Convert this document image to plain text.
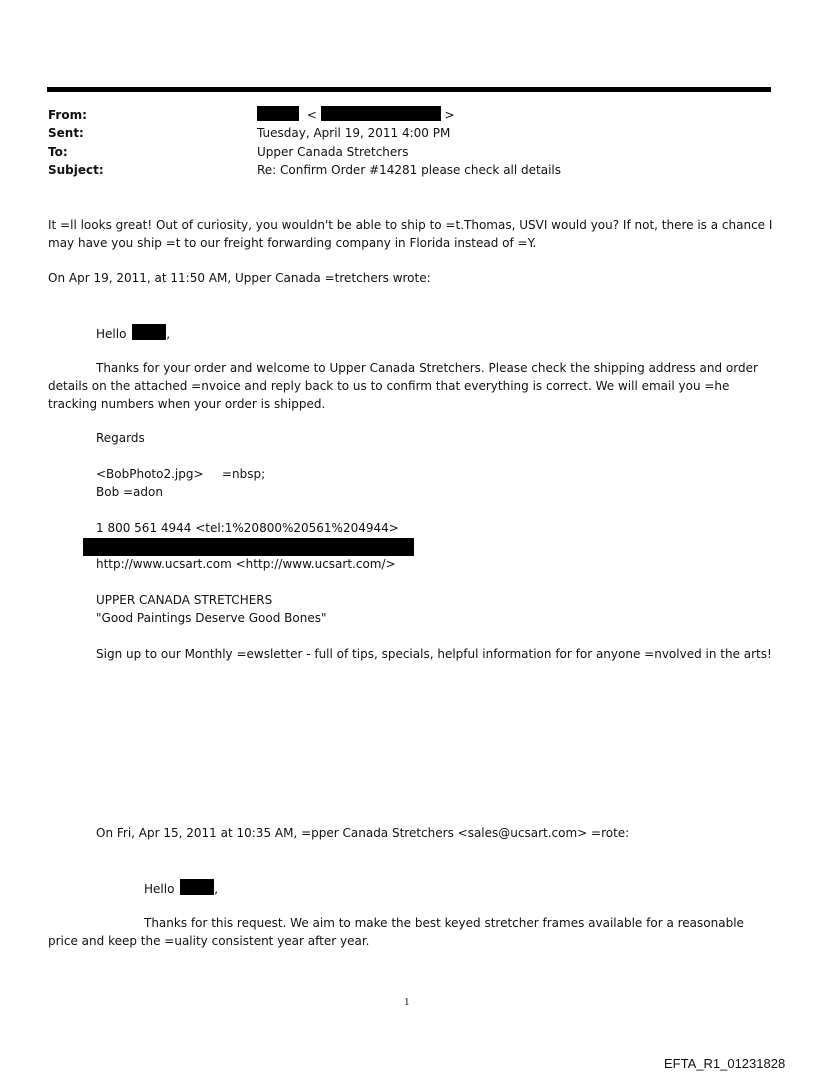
From:	<	>
Sent:	Tuesday, April 19, 2011 4:00 PM
To:	Upper Canada Stretchers
Subject:	Re: Confirm Order #14281 please check all details
It =ll looks great! Out of curiosity, you wouldn't be able to ship to =t.Thomas, USVI would you? If not, there is a chance I may have you ship =t to our freight forwarding company in Florida instead of =Y.
On Apr 19, 2011, at 11:50 AM, Upper Canada =tretchers wrote:
Hello	,
Thanks for your order and welcome to Upper Canada Stretchers. Please check the shipping address and order details on the attached =nvoice and reply back to us to confirm that everything is correct. We will email you =he tracking numbers when your order is shipped.
Regards
<BobPhoto2.jpg> =nbsp;
Bob =adon
1 800 561 4944 <tel:1%20800%20561%204944>
http://www.ucsart.com <http://www.ucsart.com/>
UPPER CANADA STRETCHERS
"Good Paintings Deserve Good Bones"
Sign up to our Monthly =ewsletter - full of tips, specials, helpful information for for anyone =nvolved in the arts!
On Fri, Apr 15, 2011 at 10:35 AM, =pper Canada Stretchers <sales@ucsart.com> =rote:
Hello	,
Thanks for this request. We aim to make the best keyed stretcher frames available for a reasonable price and keep the =uality consistent year after year.
1
EFTA_R1_01231828
